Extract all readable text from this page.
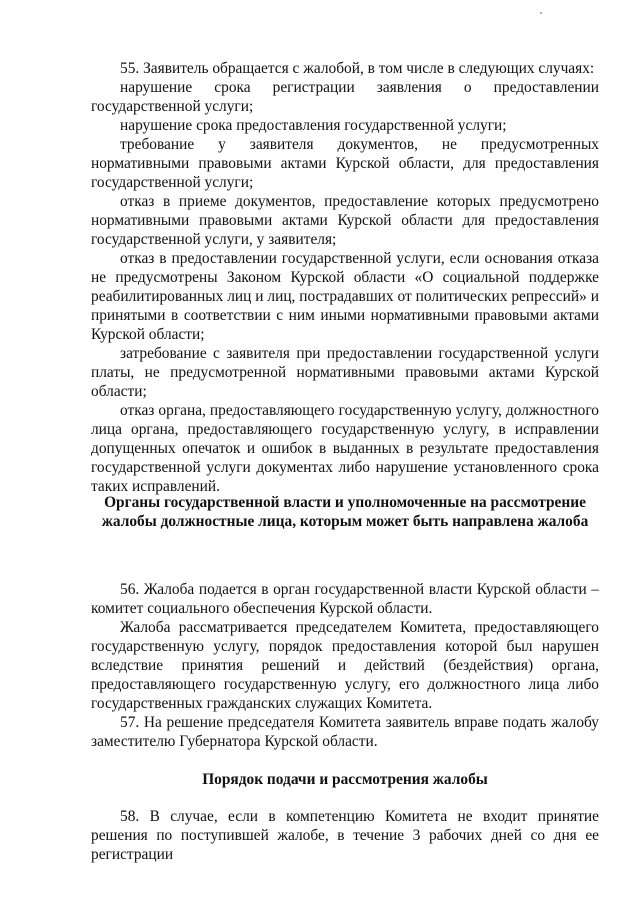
55. Заявитель обращается с жалобой, в том числе в следующих случаях:

нарушение срока регистрации заявления о предоставлении государственной услуги;

нарушение срока предоставления государственной услуги;

требование у заявителя документов, не предусмотренных нормативными правовыми актами Курской области, для предоставления государственной услуги;

отказ в приеме документов, предоставление которых предусмотрено нормативными правовыми актами Курской области для предоставления государственной услуги, у заявителя;

отказ в предоставлении государственной услуги, если основания отказа не предусмотрены Законом Курской области «О социальной поддержке реабилитированных лиц и лиц, пострадавших от политических репрессий» и принятыми в соответствии с ним иными нормативными правовыми актами Курской области;

затребование с заявителя при предоставлении государственной услуги платы, не предусмотренной нормативными правовыми актами Курской области;

отказ органа, предоставляющего государственную услугу, должностного лица органа, предоставляющего государственную услугу, в исправлении допущенных опечаток и ошибок в выданных в результате предоставления государственной услуги документах либо нарушение установленного срока таких исправлений.

Органы государственной власти и уполномоченные на рассмотрение жалобы должностные лица, которым может быть направлена жалоба

56. Жалоба подается в орган государственной власти Курской области – комитет социального обеспечения Курской области.

Жалоба рассматривается председателем Комитета, предоставляющего государственную услугу, порядок предоставления которой был нарушен вследствие принятия решений и действий (бездействия) органа, предоставляющего государственную услугу, его должностного лица либо государственных гражданских служащих Комитета.

57. На решение председателя Комитета заявитель вправе подать жалобу заместителю Губернатора Курской области.

Порядок подачи и рассмотрения жалобы

58. В случае, если в компетенцию Комитета не входит принятие решения по поступившей жалобе, в течение 3 рабочих дней со дня ее регистрации
